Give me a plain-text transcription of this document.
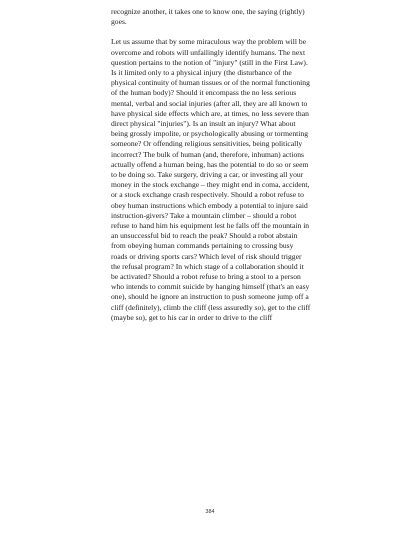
recognize another, it takes one to know one, the saying (rightly) goes.

Let us assume that by some miraculous way the problem will be overcome and robots will unfailingly identify humans. The next question pertains to the notion of "injury" (still in the First Law). Is it limited only to a physical injury (the disturbance of the physical continuity of human tissues or of the normal functioning of the human body)? Should it encompass the no less serious mental, verbal and social injuries (after all, they are all known to have physical side effects which are, at times, no less severe than direct physical "injuries"). Is an insult an injury? What about being grossly impolite, or psychologically abusing or tormenting someone? Or offending religious sensitivities, being politically incorrect? The bulk of human (and, therefore, inhuman) actions actually offend a human being, has the potential to do so or seem to be doing so. Take surgery, driving a car, or investing all your money in the stock exchange – they might end in coma, accident, or a stock exchange crash respectively. Should a robot refuse to obey human instructions which embody a potential to injure said instruction-givers? Take a mountain climber – should a robot refuse to hand him his equipment lest he falls off the mountain in an unsuccessful bid to reach the peak? Should a robot abstain from obeying human commands pertaining to crossing busy roads or driving sports cars? Which level of risk should trigger the refusal program? In which stage of a collaboration should it be activated? Should a robot refuse to bring a stool to a person who intends to commit suicide by hanging himself (that's an easy one), should he ignore an instruction to push someone jump off a cliff (definitely), climb the cliff (less assuredly so), get to the cliff (maybe so), get to his car in order to drive to the cliff

384
